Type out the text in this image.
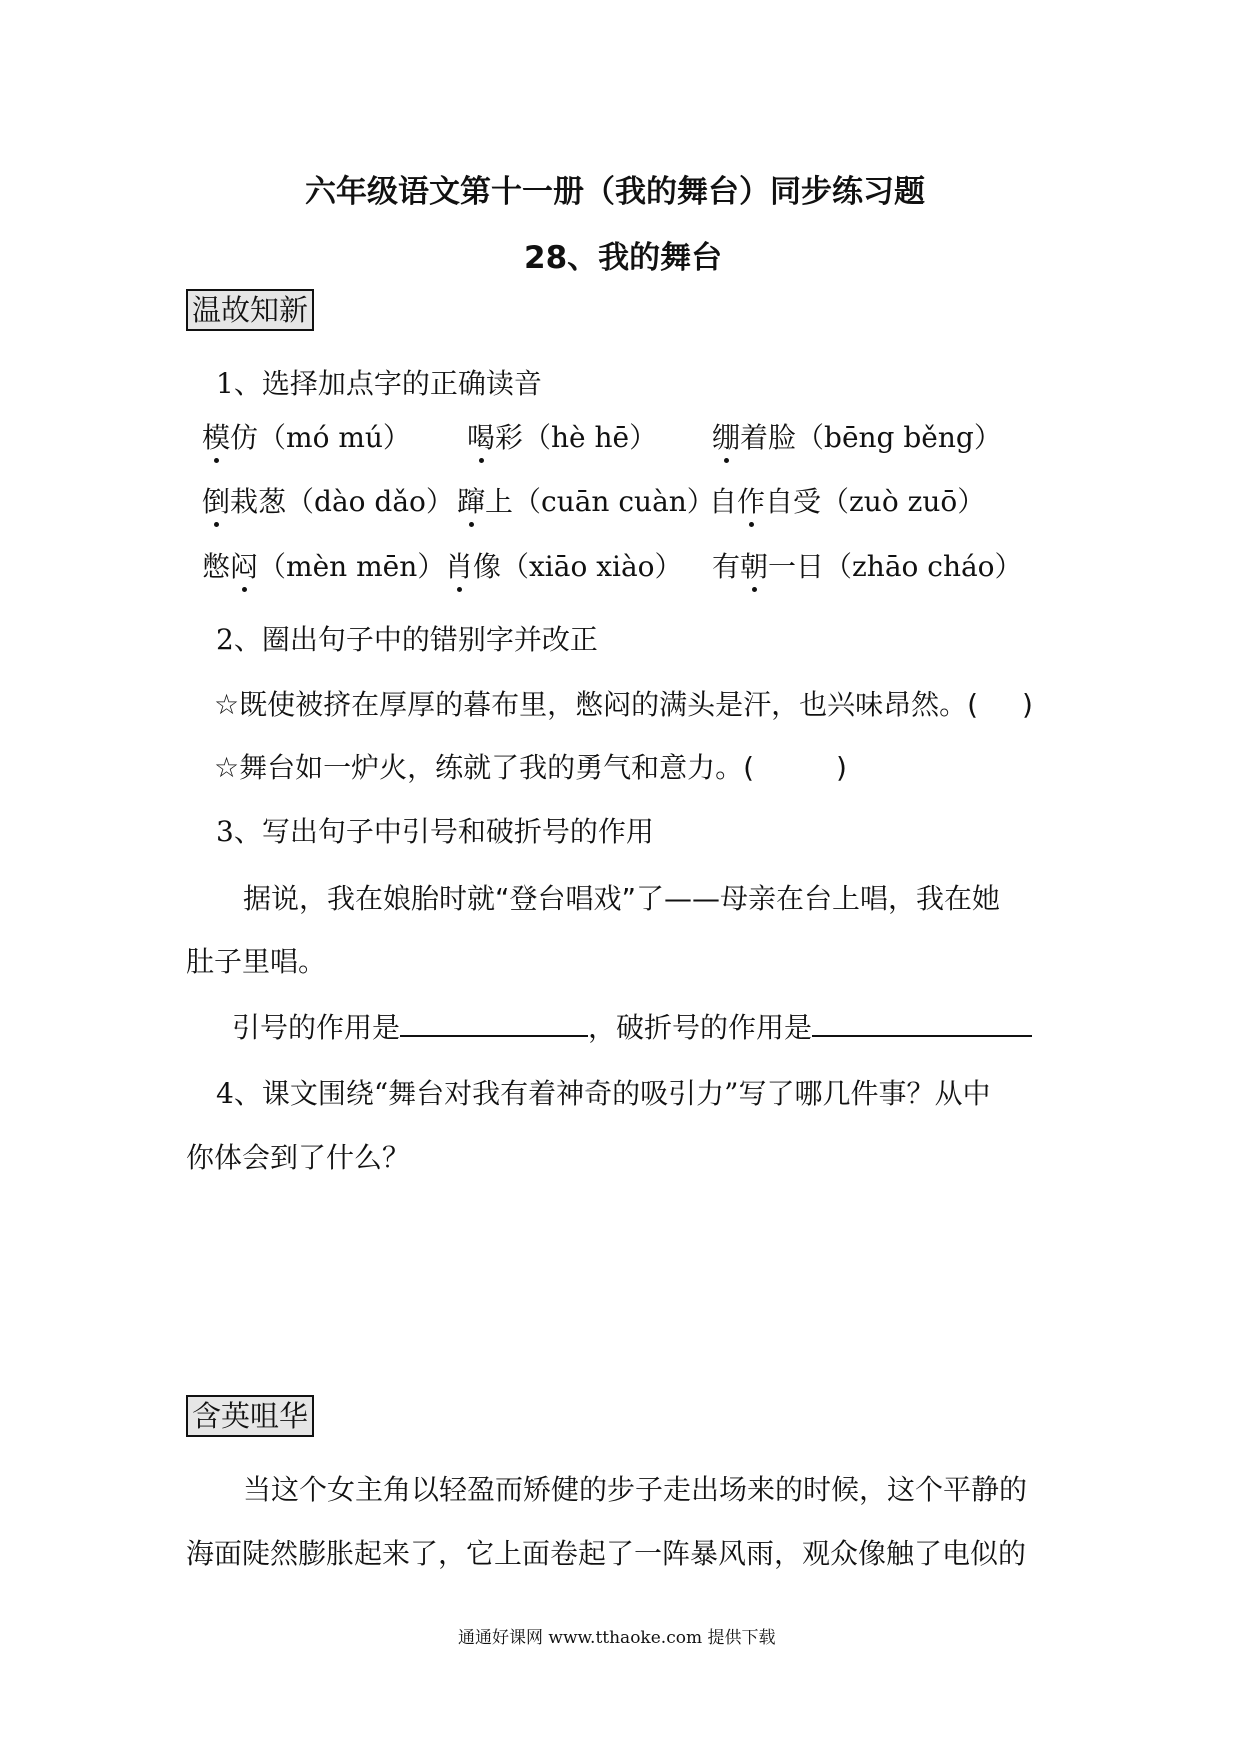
六年级语文第十一册（我的舞台）同步练习题
28、我的舞台
温故知新
1、选择加点字的正确读音
模仿（mó mú） 喝彩（hè hē） 绷着脸（bēng běng）
倒栽葱（dào dǎo） 蹿上（cuān cuàn）
自作自受（zuò zuō）
憋闷（mèn mēn） 肖像（xiāo xiào） 有朝一日（zhāo cháo）
2、圈出句子中的错别字并改正
☆既使被挤在厚厚的暮布里，憋闷的满头是汗，也兴味昂然。( )
☆舞台如一炉火，练就了我的勇气和意力。(	)
3、写出句子中引号和破折号的作用
据说，我在娘胎时就“登台唱戏”了——母亲在台上唱，我在她
肚子里唱。
引号的作用是	，破折号的作用是
4、课文围绕“舞台对我有着神奇的吸引力”写了哪几件事？从中
你体会到了什么？
含英咀华
当这个女主角以轻盈而矫健的步子走出场来的时候，这个平静的
海面陡然膨胀起来了，它上面卷起了一阵暴风雨，观众像触了电似的
通通好课网 www.tthaoke.com 提供下载
